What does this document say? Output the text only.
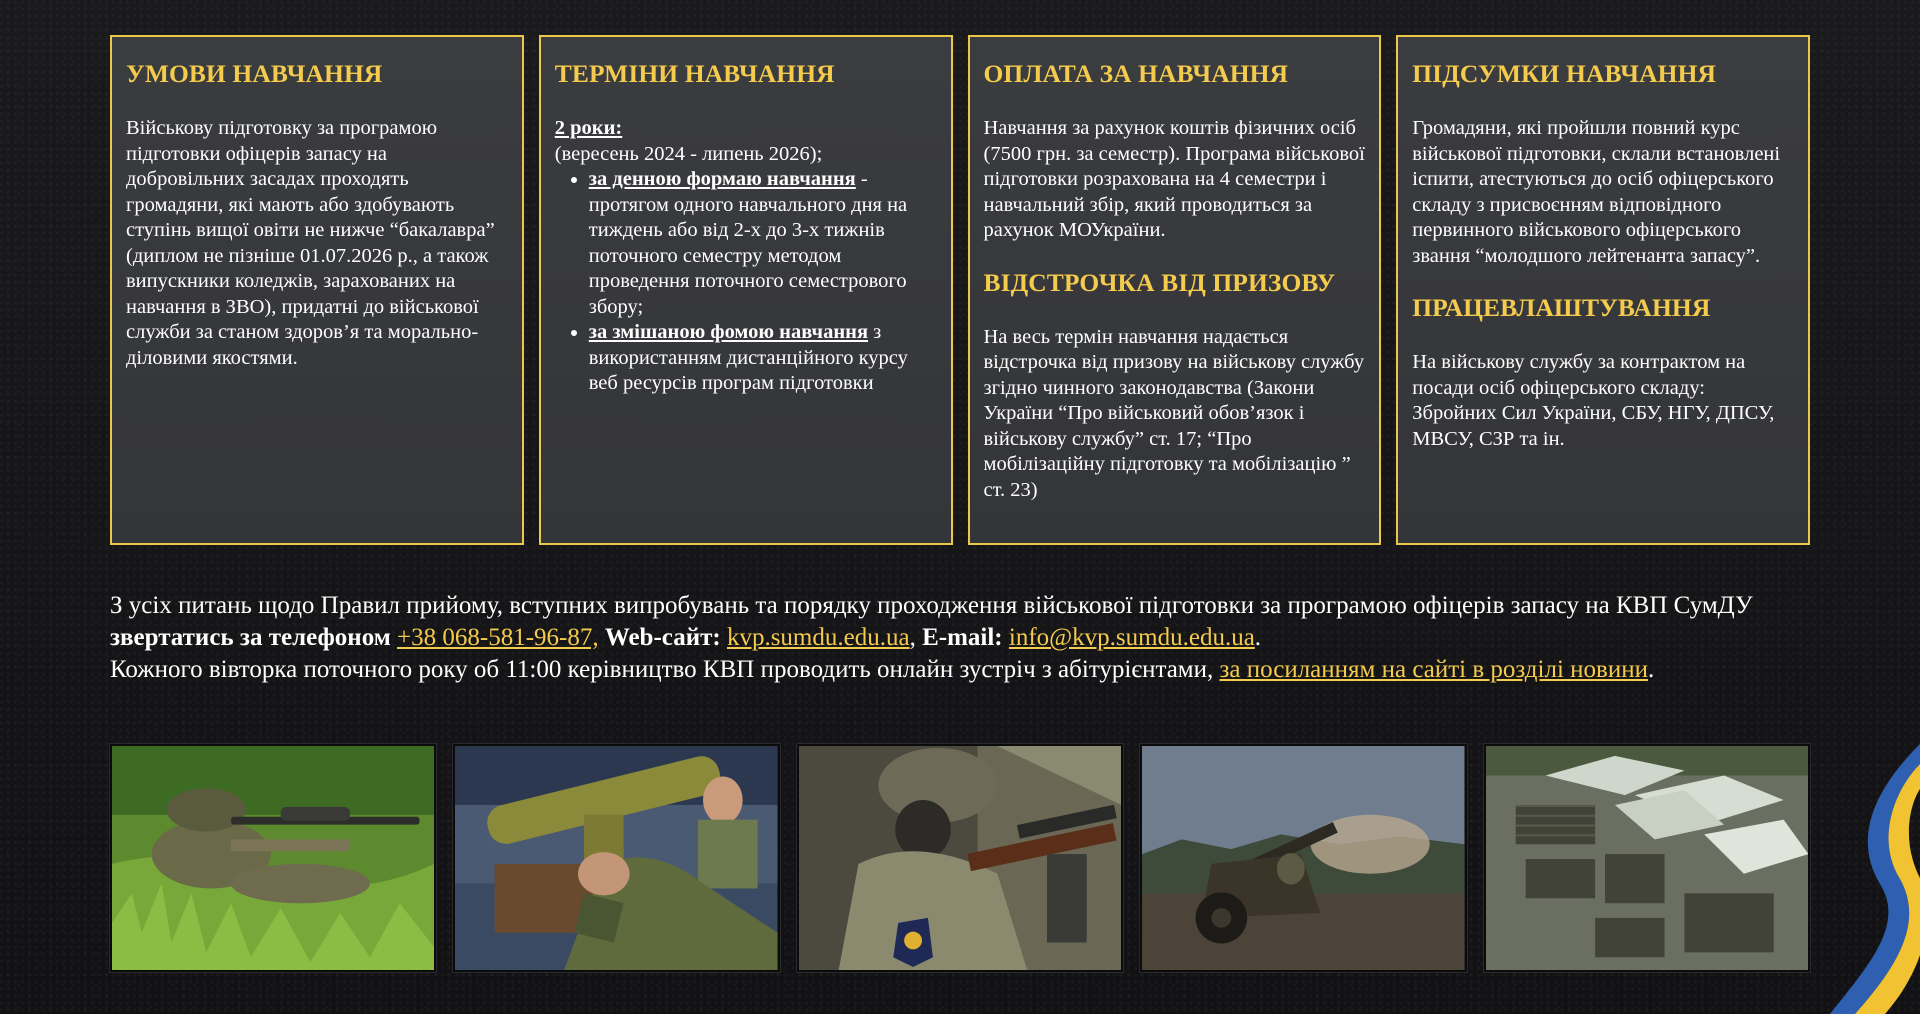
УМОВИ НАВЧАННЯ

Військову підготовку за програмою підготовки офіцерів запасу на добровільних засадах проходять громадяни, які мають або здобувають ступінь вищої овіти не нижче “бакалавра” (диплом не пізніше 01.07.2026 р., а також випускники коледжів, зарахованих на навчання в ЗВО), придатні до військової служби за станом здоров’я та морально-діловими якостями.

ТЕРМІНИ НАВЧАННЯ

2 роки:
(вересень 2024 - липень 2026);

• за денною формаю навчання - протягом одного навчального дня на тиждень або від 2-х до 3-х тижнів поточного семестру методом проведення поточного семестрового збору;
• за змішаною фомою навчання з використанням дистанційного курсу веб ресурсів програм підготовки
ОПЛАТА ЗА НАВЧАННЯ

Навчання за рахунок коштів фізичних осіб (7500 грн. за семестр). Програма військової підготовки розрахована на 4 семестри і навчальний збір, який проводиться за рахунок МОУкраїни.

ВІДСТРОЧКА ВІД ПРИЗОВУ

На весь термін навчання надається відстрочка від призову на військову службу згідно чинного законодавства (Закони України “Про військовий обов’язок і військову службу” ст. 17; “Про мобілізаційну підготовку та мобілізацію ” ст. 23)

ПІДСУМКИ НАВЧАННЯ

Громадяни, які пройшли повний курс військової підготовки, склали встановлені іспити, атестуються до осіб офіцерського складу з присвоєнням відповідного первинного військового офіцерського звання “молодшого лейтенанта запасу”.

ПРАЦЕВЛАШТУВАННЯ

На військову службу за контрактом на посади осіб офіцерського складу: Збройних Сил України, СБУ, НГУ, ДПСУ, МВСУ, СЗР та ін.

З усіх питань щодо Правил прийому, вступних випробувань та порядку проходження військової підготовки за програмою офіцерів запасу на КВП СумДУ звертатись за телефоном +38 068-581-96-87, Web-сайт: kvp.sumdu.edu.ua, E-mail: info@kvp.sumdu.edu.ua.
Кожного вівторка поточного року об 11:00 керівництво КВП проводить онлайн зустріч з абітурієнтами, за посиланням на сайті в розділі новини.
